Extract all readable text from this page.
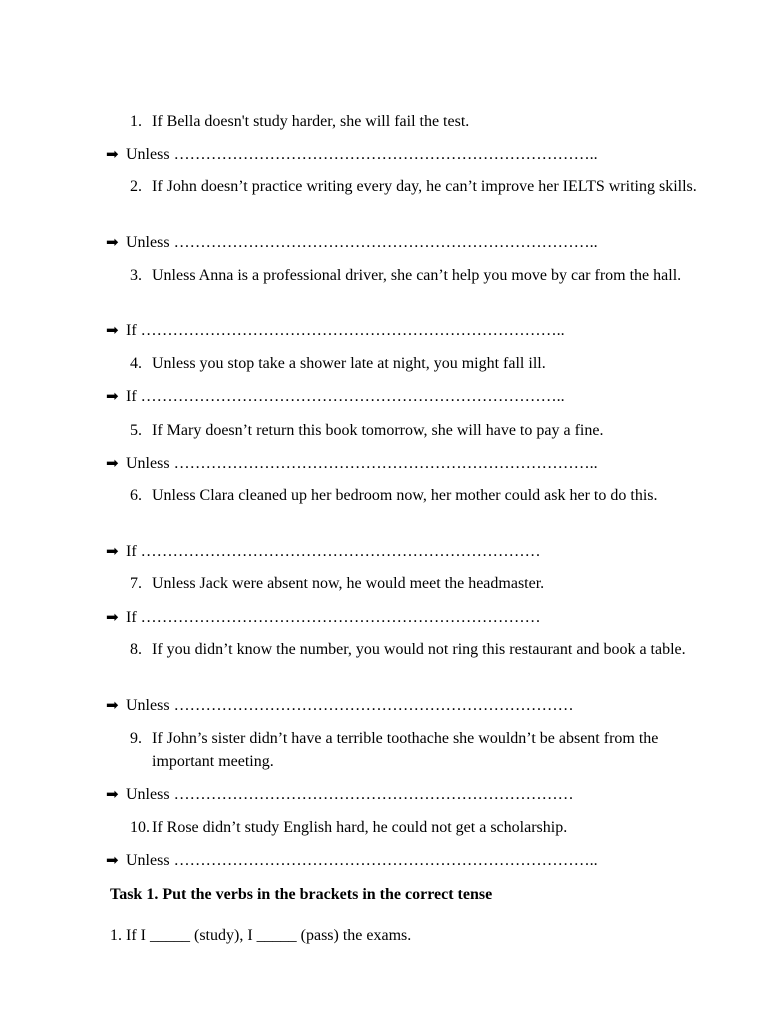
1. If Bella doesn't study harder, she will fail the test.
➡ Unless ……………………………………………………………………..
2. If John doesn’t practice writing every day, he can’t improve her IELTS writing skills.
➡ Unless ……………………………………………………………………..
3. Unless Anna is a professional driver, she can’t help you move by car from the hall.
➡ If ……………………………………………………………………..
4. Unless you stop take a shower late at night, you might fall ill.
➡ If ……………………………………………………………………..
5. If Mary doesn’t return this book tomorrow, she will have to pay a fine.
➡ Unless ……………………………………………………………………..
6. Unless Clara cleaned up her bedroom now, her mother could ask her to do this.
➡ If …………………………………………………………………
7. Unless Jack were absent now, he would meet the headmaster.
➡ If …………………………………………………………………
8. If you didn’t know the number, you would not ring this restaurant and book a table.
➡ Unless …………………………………………………………………
9. If John’s sister didn’t have a terrible toothache she wouldn’t be absent from the important meeting.
➡ Unless …………………………………………………………………
10. If Rose didn’t study English hard, he could not get a scholarship.
➡ Unless ……………………………………………………………………..
Task 1. Put the verbs in the brackets in the correct tense
1. If I _____ (study), I _____ (pass) the exams.
